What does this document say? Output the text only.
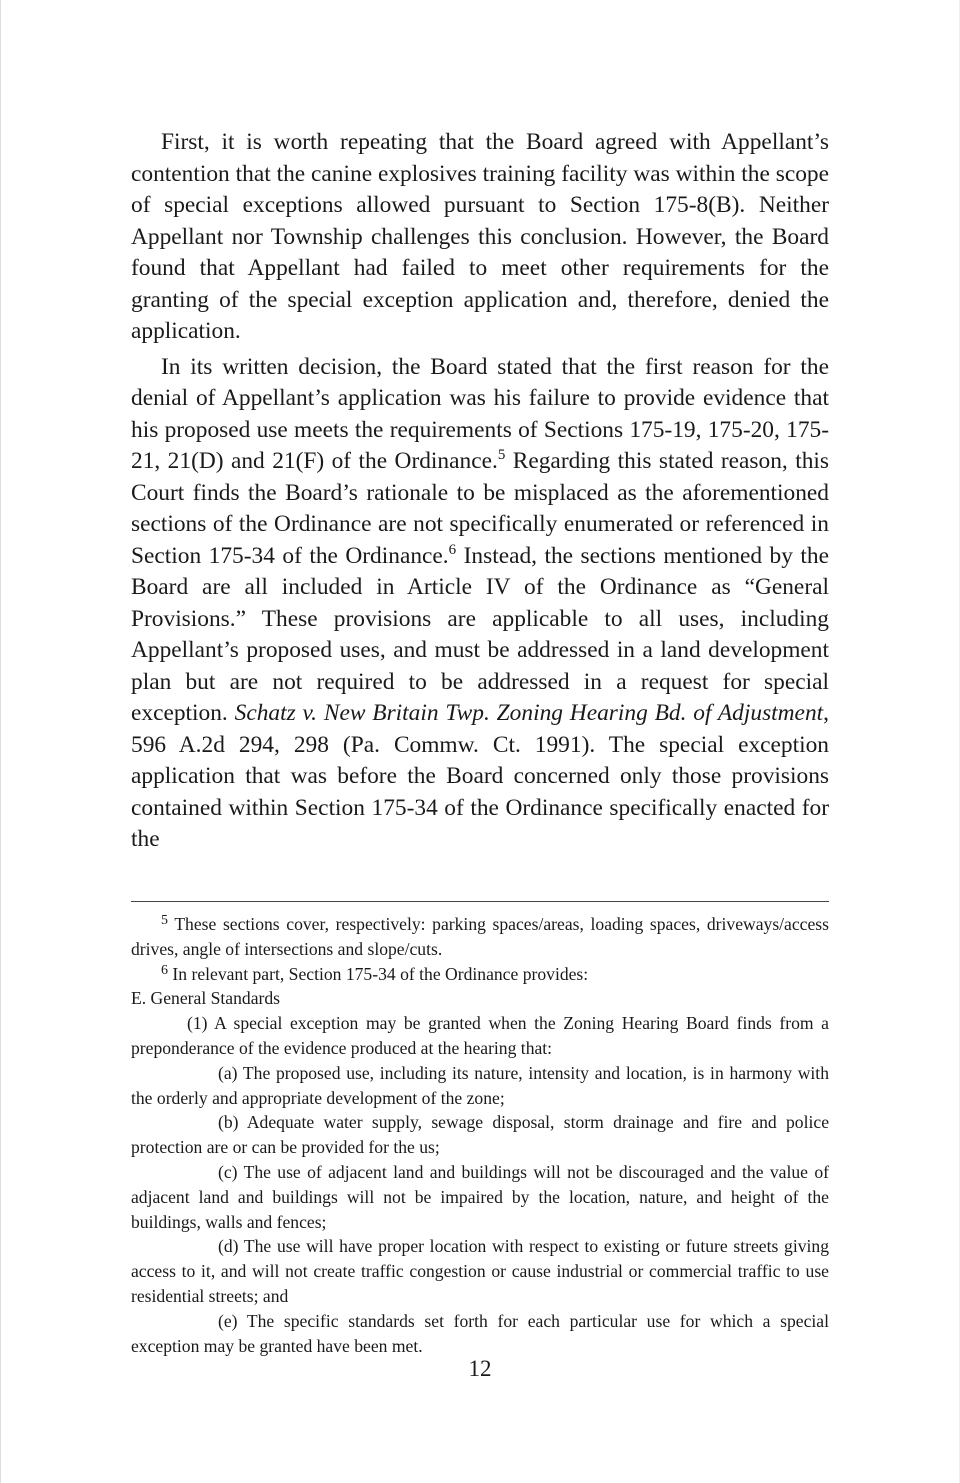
First, it is worth repeating that the Board agreed with Appellant’s contention that the canine explosives training facility was within the scope of special exceptions allowed pursuant to Section 175-8(B). Neither Appellant nor Township challenges this conclusion. However, the Board found that Appellant had failed to meet other requirements for the granting of the special exception application and, therefore, denied the application.

In its written decision, the Board stated that the first reason for the denial of Appellant’s application was his failure to provide evidence that his proposed use meets the requirements of Sections 175-19, 175-20, 175-21, 21(D) and 21(F) of the Ordinance.$^5$ Regarding this stated reason, this Court finds the Board’s rationale to be misplaced as the aforementioned sections of the Ordinance are not specifically enumerated or referenced in Section 175-34 of the Ordinance.$^6$ Instead, the sections mentioned by the Board are all included in Article IV of the Ordinance as “General Provisions.” These provisions are applicable to all uses, including Appellant’s proposed uses, and must be addressed in a land development plan but are not required to be addressed in a request for special exception. Schatz v. New Britain Twp. Zoning Hearing Bd. of Adjustment, 596 A.2d 294, 298 (Pa. Commw. Ct. 1991). The special exception application that was before the Board concerned only those provisions contained within Section 175-34 of the Ordinance specifically enacted for the

$^5$ These sections cover, respectively: parking spaces/areas, loading spaces, driveways/access drives, angle of intersections and slope/cuts.

$^6$ In relevant part, Section 175-34 of the Ordinance provides:

E. General Standards

(1) A special exception may be granted when the Zoning Hearing Board finds from a preponderance of the evidence produced at the hearing that:

(a) The proposed use, including its nature, intensity and location, is in harmony with the orderly and appropriate development of the zone;

(b) Adequate water supply, sewage disposal, storm drainage and fire and police protection are or can be provided for the us;

(c) The use of adjacent land and buildings will not be discouraged and the value of adjacent land and buildings will not be impaired by the location, nature, and height of the buildings, walls and fences;

(d) The use will have proper location with respect to existing or future streets giving access to it, and will not create traffic congestion or cause industrial or commercial traffic to use residential streets; and

(e) The specific standards set forth for each particular use for which a special exception may be granted have been met.

12
